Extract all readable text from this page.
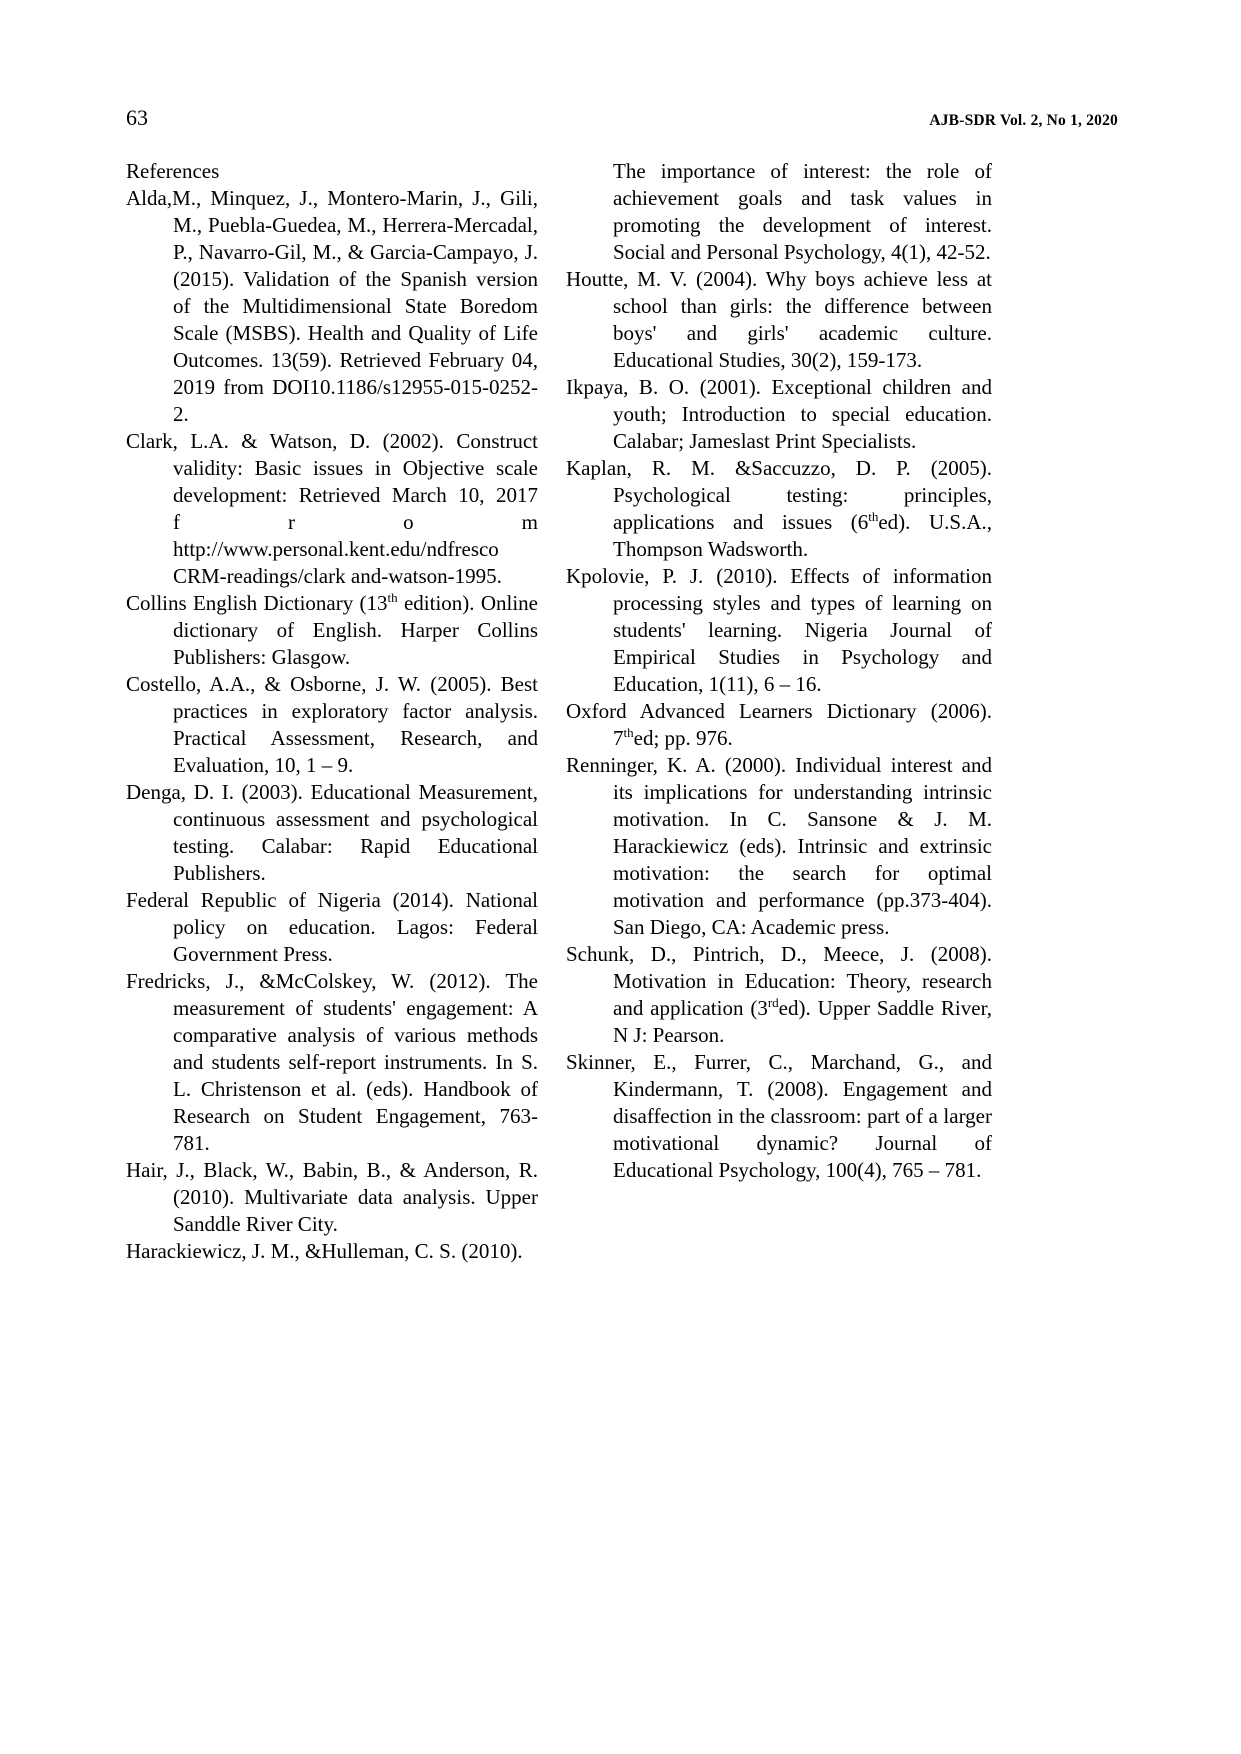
63	AJB-SDR Vol. 2, No 1, 2020
References
Alda,M., Minquez, J., Montero-Marin, J., Gili, M., Puebla-Guedea, M., Herrera-Mercadal, P., Navarro-Gil, M., & Garcia-Campayo, J. (2015). Validation of the Spanish version of the Multidimensional State Boredom Scale (MSBS). Health and Quality of Life Outcomes. 13(59). Retrieved February 04, 2019 from DOI10.1186/s12955-015-0252-2.
Clark, L.A. & Watson, D. (2002). Construct validity: Basic issues in Objective scale development: Retrieved March 10, 2017
f	r	o	m
http://www.personal.kent.edu/ndfresco CRM-readings/clark and-watson-1995.
Collins English Dictionary (13th edition). Online dictionary of English. Harper Collins Publishers: Glasgow.
Costello, A.A., & Osborne, J. W. (2005). Best practices in exploratory factor analysis. Practical Assessment, Research, and Evaluation, 10, 1 – 9.
Denga, D. I. (2003). Educational Measurement, continuous assessment and psychological testing. Calabar: Rapid Educational Publishers.
Federal Republic of Nigeria (2014). National policy on education. Lagos: Federal Government Press.
Fredricks, J., &McColskey, W. (2012). The measurement of students' engagement: A comparative analysis of various methods and students self-report instruments. In S. L. Christenson et al. (eds). Handbook of Research on Student Engagement, 763-781.
Hair, J., Black, W., Babin, B., & Anderson, R. (2010). Multivariate data analysis. Upper Sanddle River City.
Harackiewicz, J. M., &Hulleman, C. S. (2010).
The importance of interest: the role of achievement goals and task values in promoting the development of interest. Social and Personal Psychology, 4(1), 42-52.
Houtte, M. V. (2004). Why boys achieve less at school than girls: the difference between boys' and girls' academic culture. Educational Studies, 30(2), 159-173.
Ikpaya, B. O. (2001). Exceptional children and youth; Introduction to special education. Calabar; Jameslast Print Specialists.
Kaplan, R. M. &Saccuzzo, D. P. (2005). Psychological testing: principles, applications and issues (6thed). U.S.A., Thompson Wadsworth.
Kpolovie, P. J. (2010). Effects of information processing styles and types of learning on students' learning. Nigeria Journal of Empirical Studies in Psychology and Education, 1(11), 6 – 16.
Oxford Advanced Learners Dictionary (2006). 7thed; pp. 976.
Renninger, K. A. (2000). Individual interest and its implications for understanding intrinsic motivation. In C. Sansone & J. M. Harackiewicz (eds). Intrinsic and extrinsic motivation: the search for optimal motivation and performance (pp.373-404). San Diego, CA: Academic press.
Schunk, D., Pintrich, D., Meece, J. (2008). Motivation in Education: Theory, research and application (3rded). Upper Saddle River, N J: Pearson.
Skinner, E., Furrer, C., Marchand, G., and Kindermann, T. (2008). Engagement and disaffection in the classroom: part of a larger motivational dynamic? Journal of Educational Psychology, 100(4), 765 – 781.
